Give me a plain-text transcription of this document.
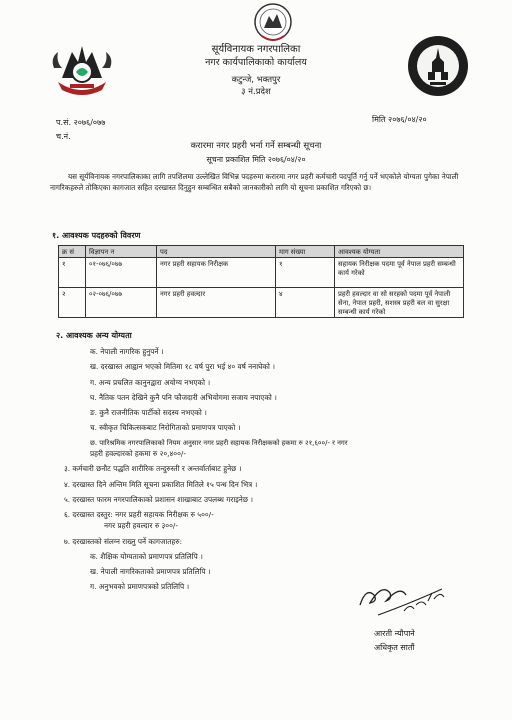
सूर्यविनायक नगरपालिका
नगर कार्यपालिकाको कार्यालय
कटुन्जे, भक्तपुर
३ नं.प्रदेश
प.सं. २०७६/०७७
च.नं.
मिति २०७६/०४/२०
करारमा नगर प्रहरी भर्ना गर्ने सम्बन्धी सूचना
सूचना प्रकाशित मिति २०७६/०४/२०
यस सूर्यविनायक नगरपालिकाका लागि तपशिलमा उल्लेखित विभिन्न पदहरुमा करारमा नगर प्रहरी कर्मचारी पदपूर्ति गर्नु पर्ने भएकोले योग्यता पुगेका नेपाली नागरिकहरुले तोकिएका कागजात सहित दरखास्त दिनुहुन सम्बन्धित सबैको जानकारीको लागि यो सूचना प्रकाशित गरिएको छ।
१. आवश्यक पदहरुको विवरण
क्र सं	विज्ञापन न	पद	माग संख्या	आवश्यक योग्यता
१	०१-०७६/०७७	नगर प्रहरी सहायक निरीक्षक	१	सहायक निरीक्षक पदमा पूर्व नेपाल प्रहरी सम्बन्धी कार्य गरेको
२	०२-०७६/०७७	नगर प्रहरी हवल्दार	४	प्रहरी हवल्दार वा सो सरहको पदमा पूर्व नेपाली सेना, नेपाल प्रहरी, सशस्त्र प्रहरी बल वा सुरक्षा सम्बन्धी कार्य गरेको
२. आवश्यक अन्य योग्यता
क. नेपाली नागरिक हुनुपर्ने ।
ख. दरखास्त आह्वान भएको मितिमा १८ वर्ष पुरा भई ४० वर्ष ननाघेको ।
ग. अन्य प्रचलित कानुनद्वारा अयोग्य नभएको ।
घ. नैतिक पतन देखिने कुनै पनि फौजदारी अभियोगमा सजाय नपाएको ।
ङ. कुनै राजनीतिक पार्टीको सदस्य नभएको ।
च. स्वीकृत चिकित्सकबाट निरोगिताको प्रमाणपत्र पाएको ।
छ. पारिश्रमिक नगरपालिकाको नियम अनुसार नगर प्रहरी सहायक निरीक्षकको हकमा रु २१,६००/- र नगर
प्रहरी हवल्दारको हकमा रु २०,४००/-
३. कर्मचारी छनौट पद्धति शारीरिक तन्दुरुस्ती र अन्तर्वार्ताबाट हुनेछ ।
४. दरखास्त दिने अन्तिम मिति सूचना प्रकाशित मितिले १५ पन्ध दिन भित्र ।
५. दरखास्त फारम नगरपालिकाको प्रशासन शाखाबाट उपलब्ध गराइनेछ ।
६. दरखास्त दस्तुर: नगर प्रहरी सहायक निरीक्षक रु ५००/-
नगर प्रहरी हवल्दार रु ३००/-
७. दरखास्तको संलग्न राख्नु पर्ने कागजातहरु:
क. शैक्षिक योग्यताको प्रमाणपत्र प्रतिलिपि ।
ख. नेपाली नागरिकताको प्रमाणपत्र प्रतिलिपि ।
ग. अनुभवको प्रमाणपत्रको प्रतिलिपि ।
आरती न्यौपाने
अधिकृत सातौं
